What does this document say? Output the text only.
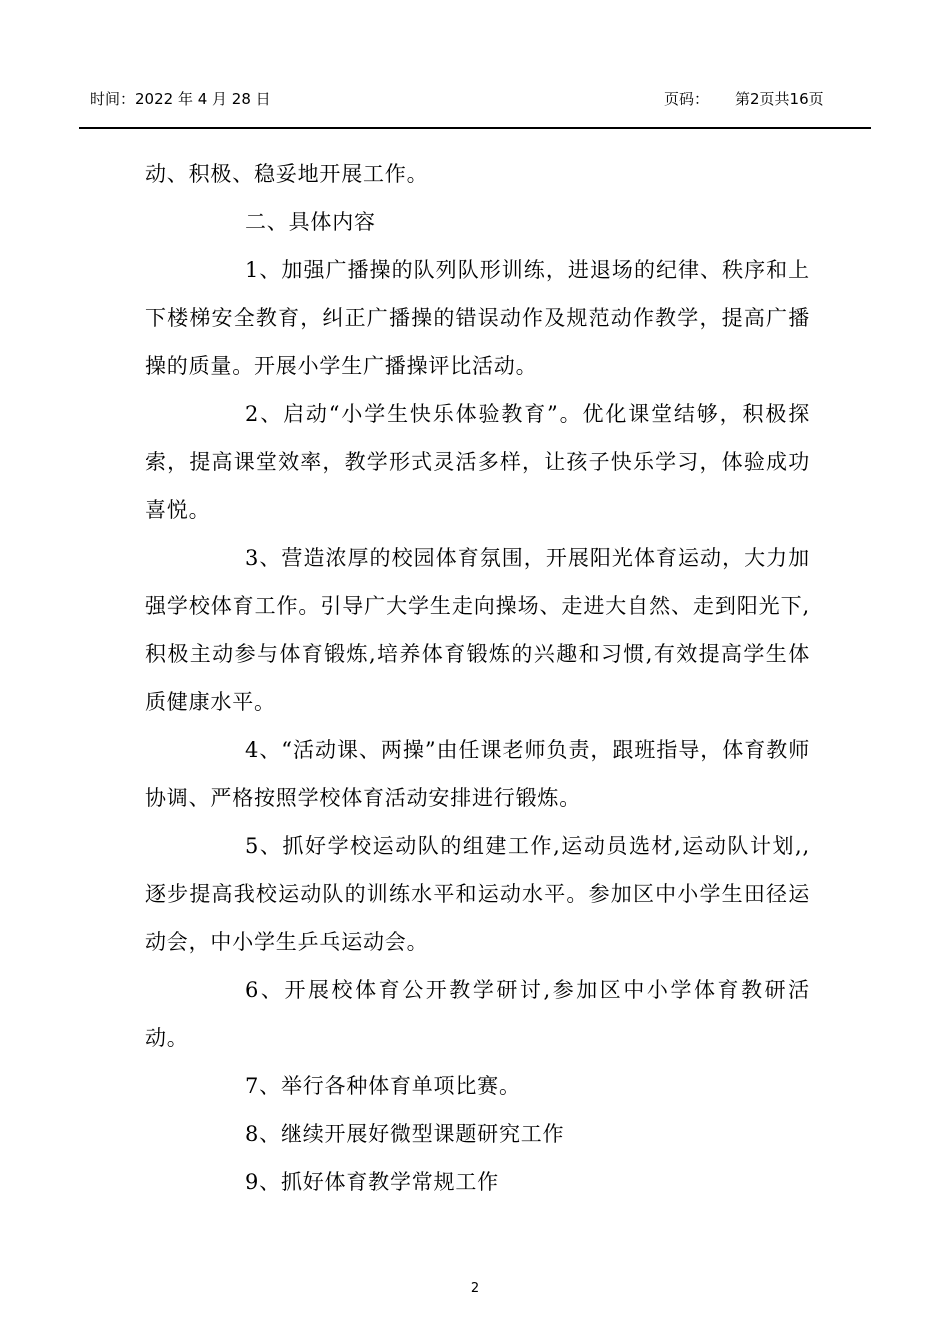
时间：2022 年 4 月 28 日	页码： 第2页共16页

动、积极、稳妥地开展工作。

二、具体内容

1、加强广播操的队列队形训练，进退场的纪律、秩序和上下楼梯安全教育，纠正广播操的错误动作及规范动作教学，提高广播操的质量。开展小学生广播操评比活动。

2、启动“小学生快乐体验教育”。优化课堂结够，积极探索，提高课堂效率，教学形式灵活多样，让孩子快乐学习，体验成功喜悦。

3、营造浓厚的校园体育氛围，开展阳光体育运动，大力加强学校体育工作。引导广大学生走向操场、走进大自然、走到阳光下,积极主动参与体育锻炼,培养体育锻炼的兴趣和习惯,有效提高学生体质健康水平。

4、“活动课、两操”由任课老师负责，跟班指导，体育教师协调、严格按照学校体育活动安排进行锻炼。

5、抓好学校运动队的组建工作,运动员选材,运动队计划,,逐步提高我校运动队的训练水平和运动水平。参加区中小学生田径运动会，中小学生乒乓运动会。

6、开展校体育公开教学研讨,参加区中小学体育教研活动。

7、举行各种体育单项比赛。

8、继续开展好微型课题研究工作

9、抓好体育教学常规工作

2
